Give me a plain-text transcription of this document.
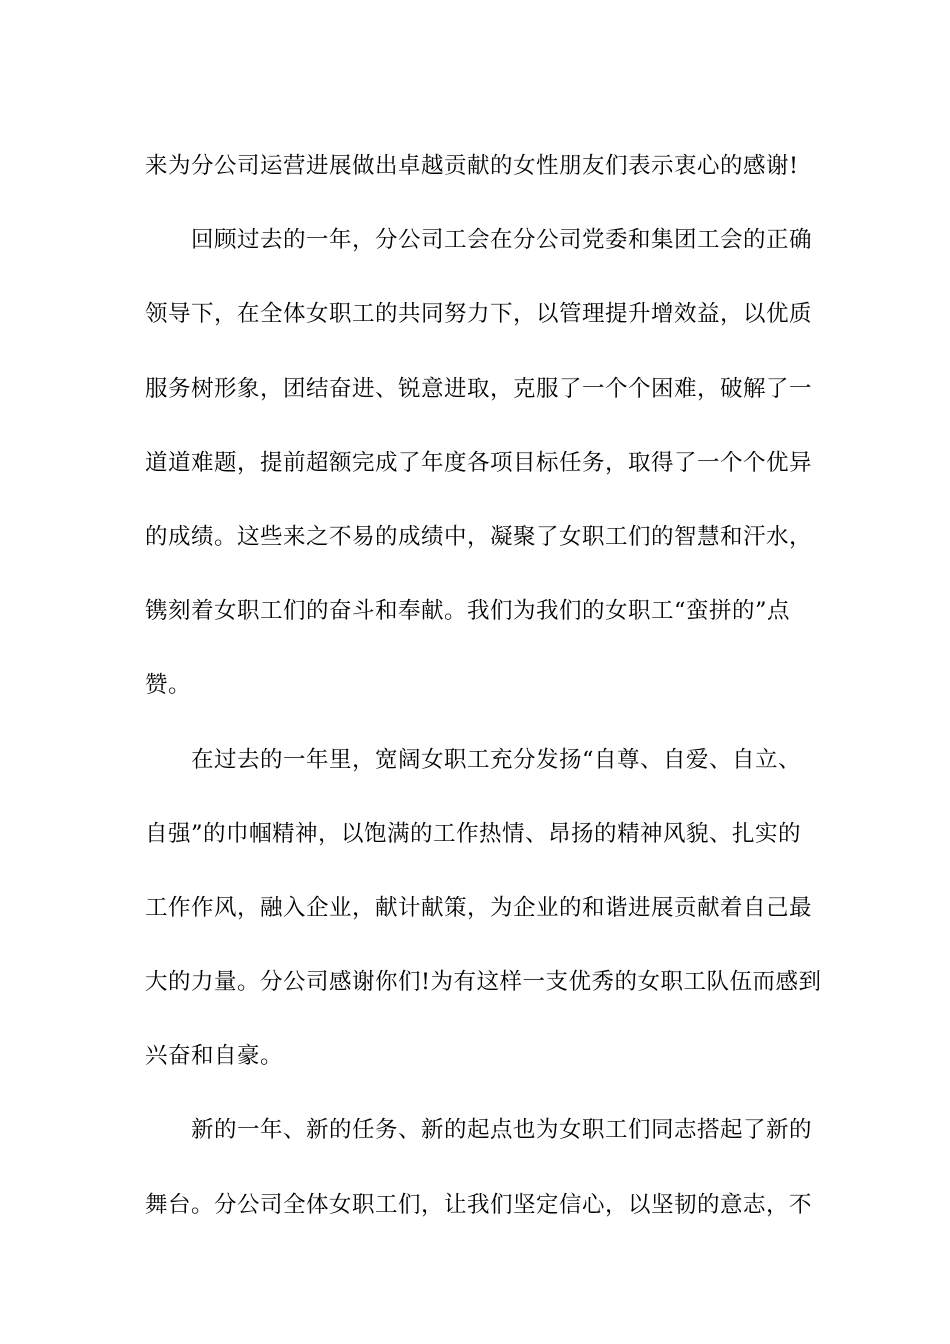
来为分公司运营进展做出卓越贡献的女性朋友们表示衷心的感谢!
回顾过去的一年，分公司工会在分公司党委和集团工会的正确
领导下，在全体女职工的共同努力下，以管理提升增效益，以优质
服务树形象，团结奋进、锐意进取，克服了一个个困难，破解了一
道道难题，提前超额完成了年度各项目标任务，取得了一个个优异
的成绩。这些来之不易的成绩中，凝聚了女职工们的智慧和汗水，
镌刻着女职工们的奋斗和奉献。我们为我们的女职工“蛮拼的”点
赞。
在过去的一年里，宽阔女职工充分发扬“自尊、自爱、自立、
自强”的巾帼精神，以饱满的工作热情、昂扬的精神风貌、扎实的
工作作风，融入企业，献计献策，为企业的和谐进展贡献着自己最
大的力量。分公司感谢你们!为有这样一支优秀的女职工队伍而感到
兴奋和自豪。
新的一年、新的任务、新的起点也为女职工们同志搭起了新的
舞台。分公司全体女职工们，让我们坚定信心，以坚韧的意志，不
